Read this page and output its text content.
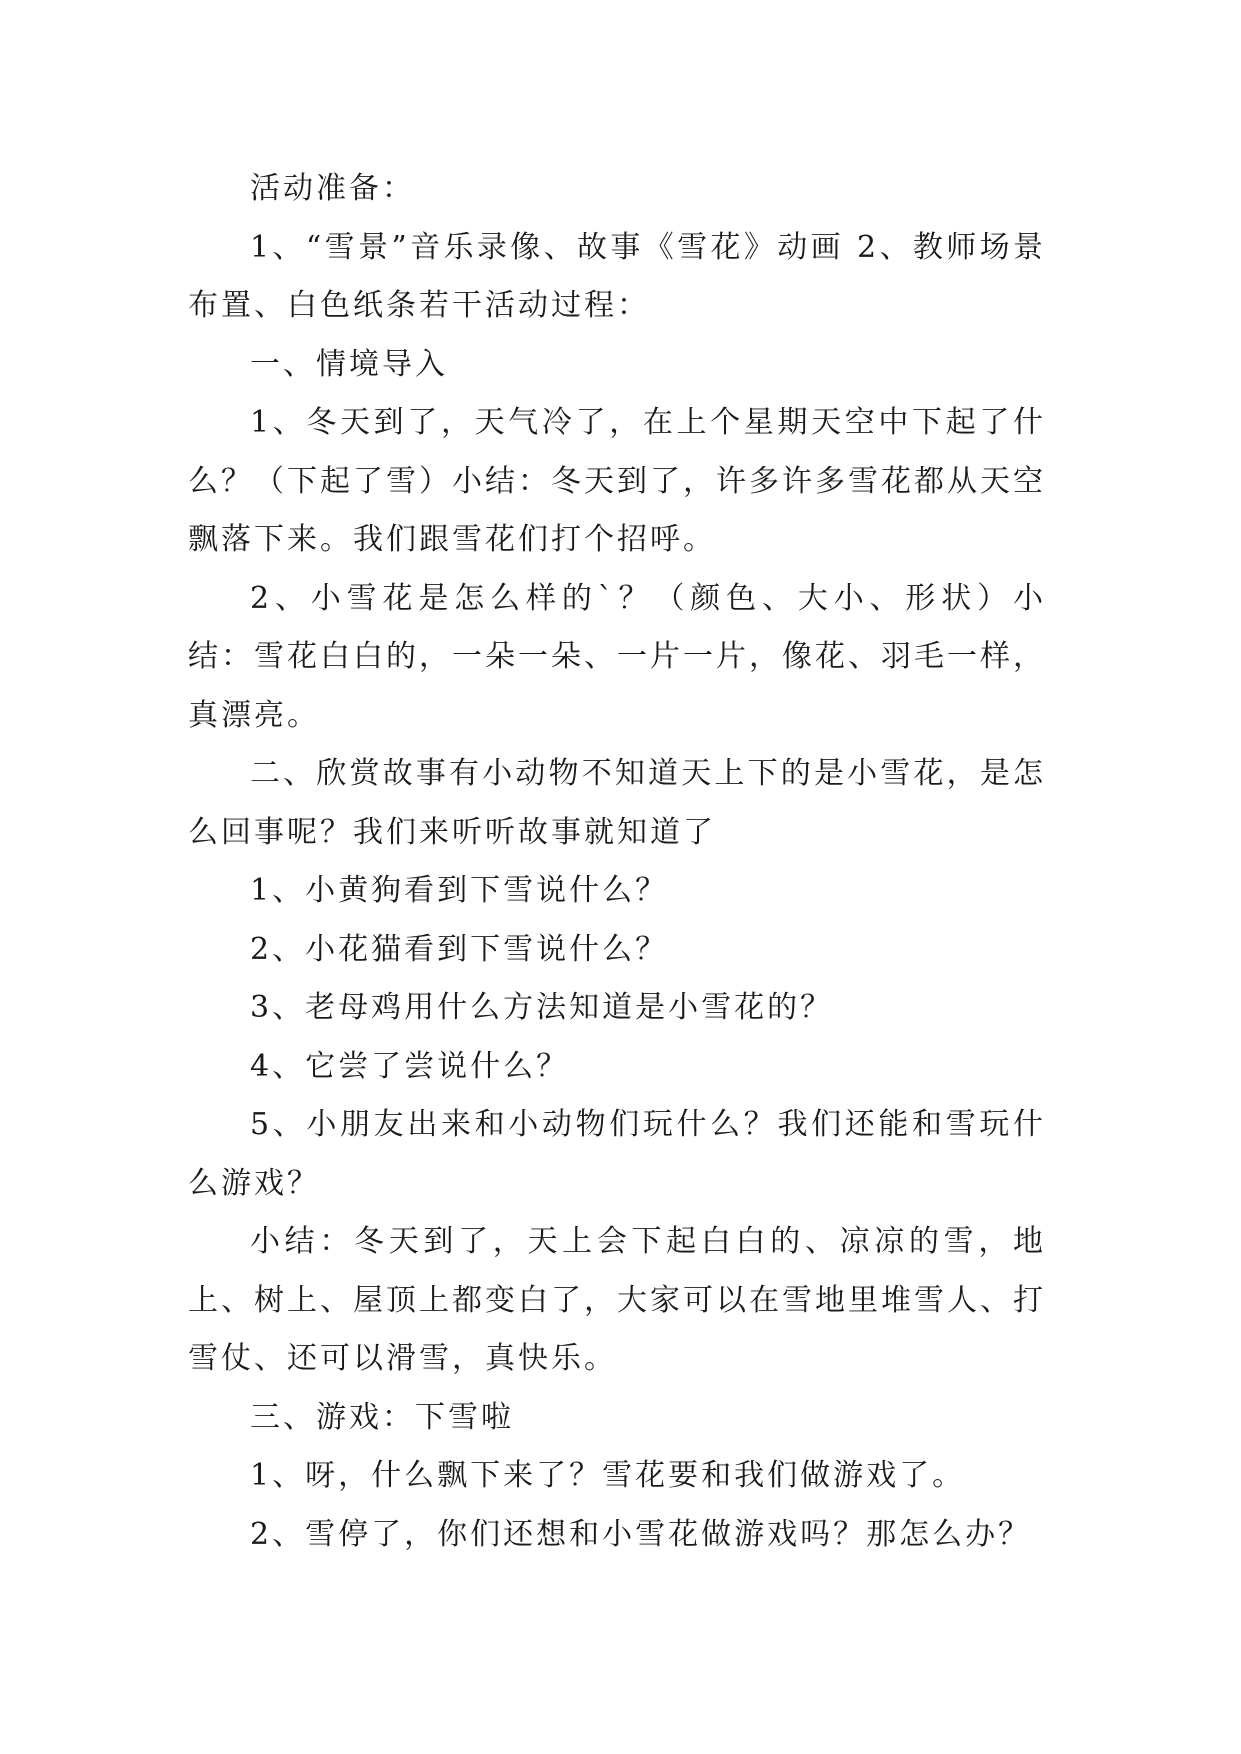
活动准备：

1、“雪景”音乐录像、故事《雪花》动画 2、教师场景布置、白色纸条若干活动过程：

一、情境导入

1、冬天到了，天气冷了，在上个星期天空中下起了什么？（下起了雪）小结：冬天到了，许多许多雪花都从天空飘落下来。我们跟雪花们打个招呼。

2、小雪花是怎么样的`？（颜色、大小、形状）小结：雪花白白的，一朵一朵、一片一片，像花、羽毛一样，真漂亮。

二、欣赏故事有小动物不知道天上下的是小雪花，是怎么回事呢？我们来听听故事就知道了

1、小黄狗看到下雪说什么？

2、小花猫看到下雪说什么？

3、老母鸡用什么方法知道是小雪花的？

4、它尝了尝说什么？

5、小朋友出来和小动物们玩什么？我们还能和雪玩什么游戏？

小结：冬天到了，天上会下起白白的、凉凉的雪，地上、树上、屋顶上都变白了，大家可以在雪地里堆雪人、打雪仗、还可以滑雪，真快乐。

三、游戏：下雪啦

1、呀，什么飘下来了？雪花要和我们做游戏了。

2、雪停了，你们还想和小雪花做游戏吗？那怎么办？
